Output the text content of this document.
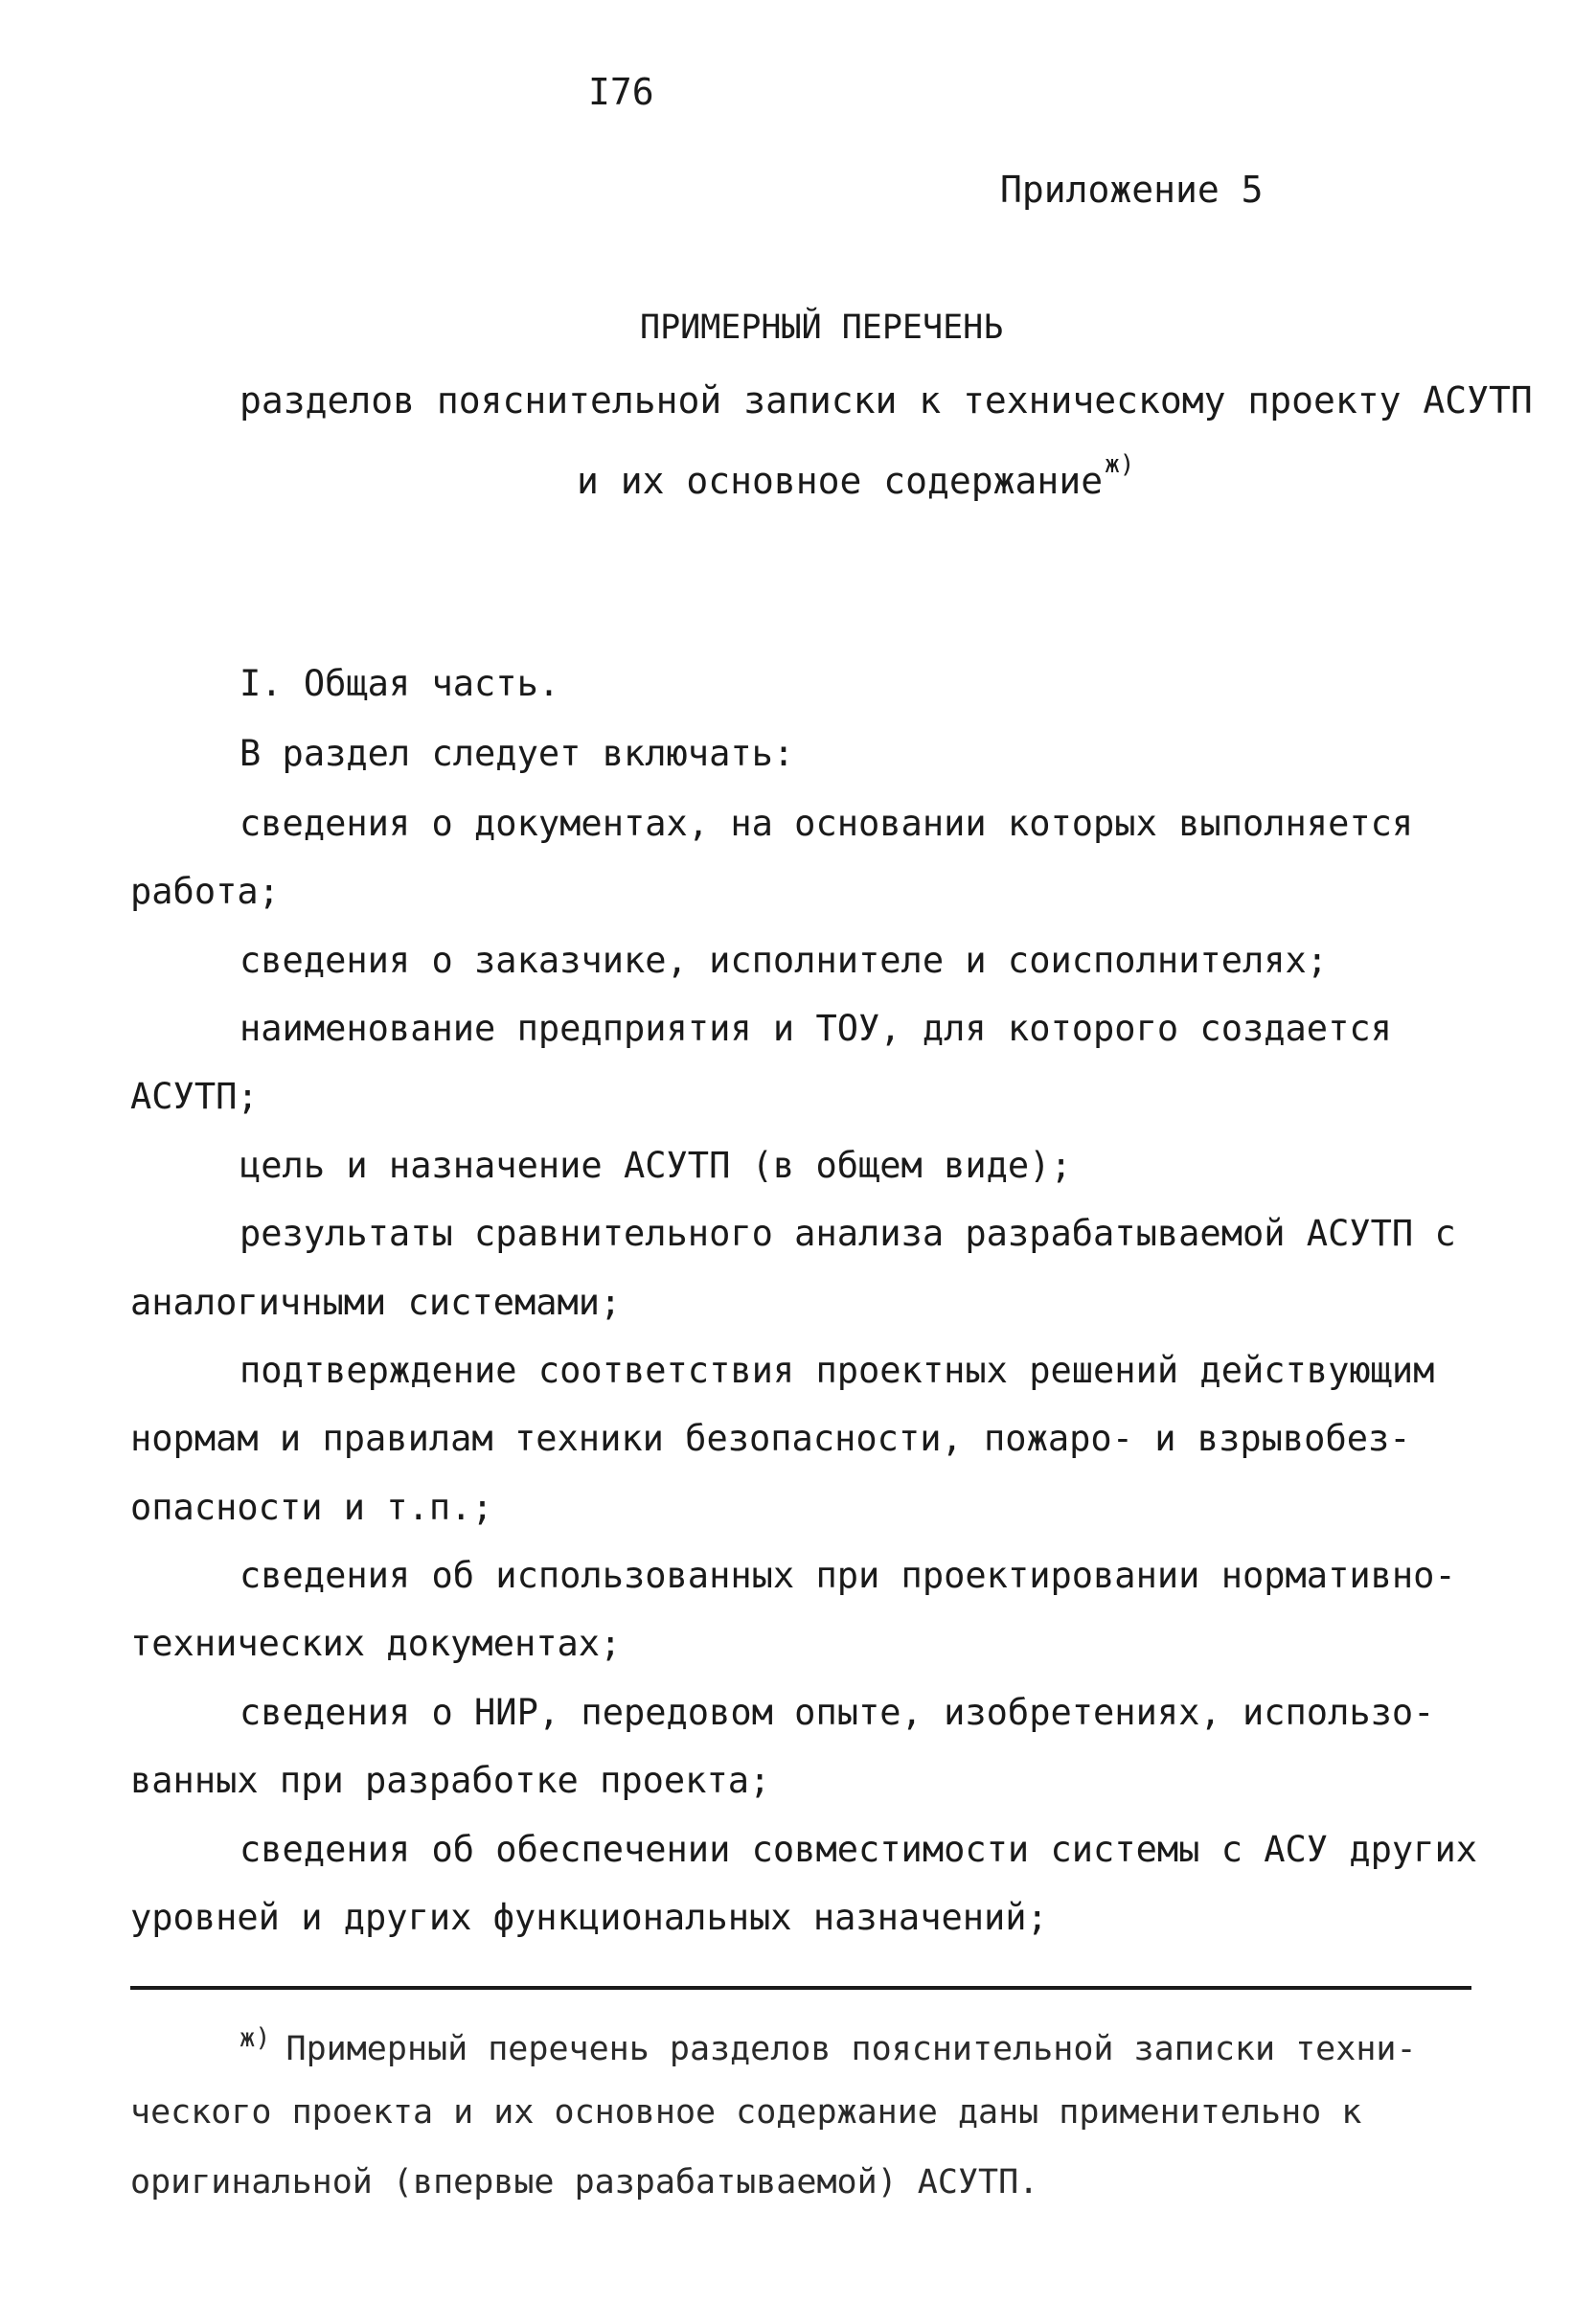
I76
Приложение 5
ПРИМЕРНЫЙ ПЕРЕЧЕНЬ
разделов пояснительной записки к техническому проекту АСУТП
и их основное содержание$^{ж)}$
I. Общая часть.
В раздел следует включать:
сведения о документах, на основании которых выполняется
работа;
сведения о заказчике, исполнителе и соисполнителях;
наименование предприятия и ТОУ, для которого создается
АСУТП;
цель и назначение АСУТП (в общем виде);
результаты сравнительного анализа разрабатываемой АСУТП с
аналогичными системами;
подтверждение соответствия проектных решений действующим
нормам и правилам техники безопасности, пожаро- и взрывобез-
опасности и т.п.;
сведения об использованных при проектировании нормативно-
технических документах;
сведения о НИР, передовом опыте, изобретениях, использо-
ванных при разработке проекта;
сведения об обеспечении совместимости системы с АСУ других
уровней и других функциональных назначений;
$^{ж)}$ Примерный перечень разделов пояснительной записки техни-
ческого проекта и их основное содержание даны применительно к
оригинальной (впервые разрабатываемой) АСУТП.
